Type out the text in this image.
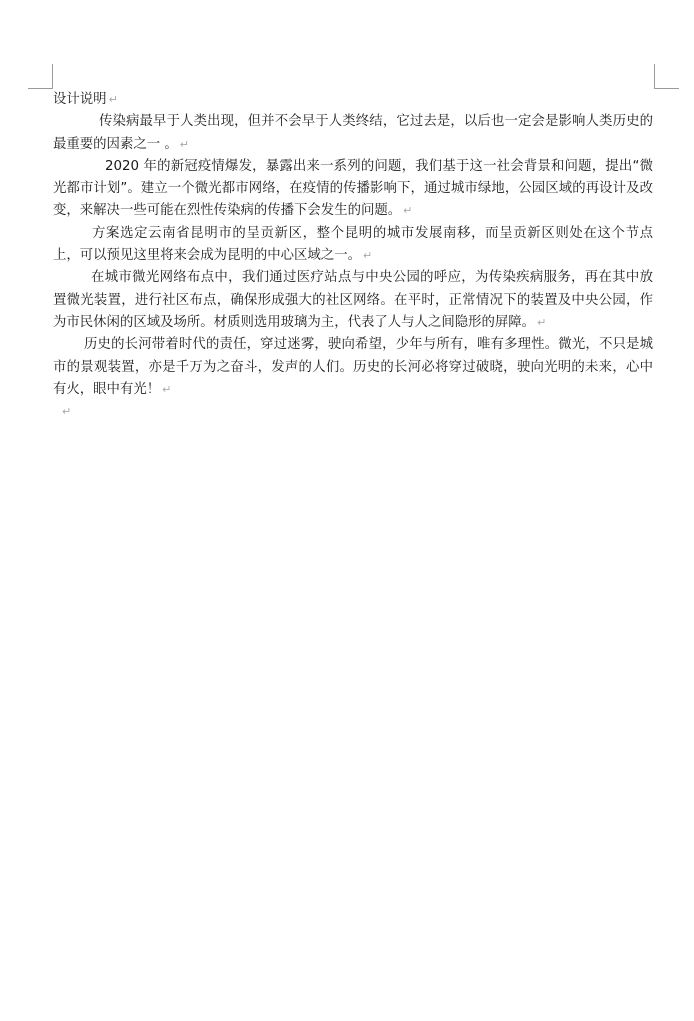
设计说明 ↵

传染病最早于人类出现，但并不会早于人类终结，它过去是，以后也一定会是影响人类历史的最重要的因素之一 。 ↵

2020 年的新冠疫情爆发，暴露出来一系列的问题，我们基于这一社会背景和问题，提出“微光都市计划”。建立一个微光都市网络，在疫情的传播影响下，通过城市绿地，公园区域的再设计及改变，来解决一些可能在烈性传染病的传播下会发生的问题。 ↵

方案选定云南省昆明市的呈贡新区，整个昆明的城市发展南移，而呈贡新区则处在这个节点上，可以预见这里将来会成为昆明的中心区域之一。 ↵

在城市微光网络布点中，我们通过医疗站点与中央公园的呼应，为传染疾病服务，再在其中放置微光装置，进行社区布点，确保形成强大的社区网络。在平时，正常情况下的装置及中央公园，作为市民休闲的区域及场所。材质则选用玻璃为主，代表了人与人之间隐形的屏障。 ↵

历史的长河带着时代的责任，穿过迷雾，驶向希望，少年与所有，唯有多理性。微光，不只是城市的景观装置，亦是千万为之奋斗，发声的人们。历史的长河必将穿过破晓，驶向光明的未来，心中有火，眼中有光！ ↵

↵
